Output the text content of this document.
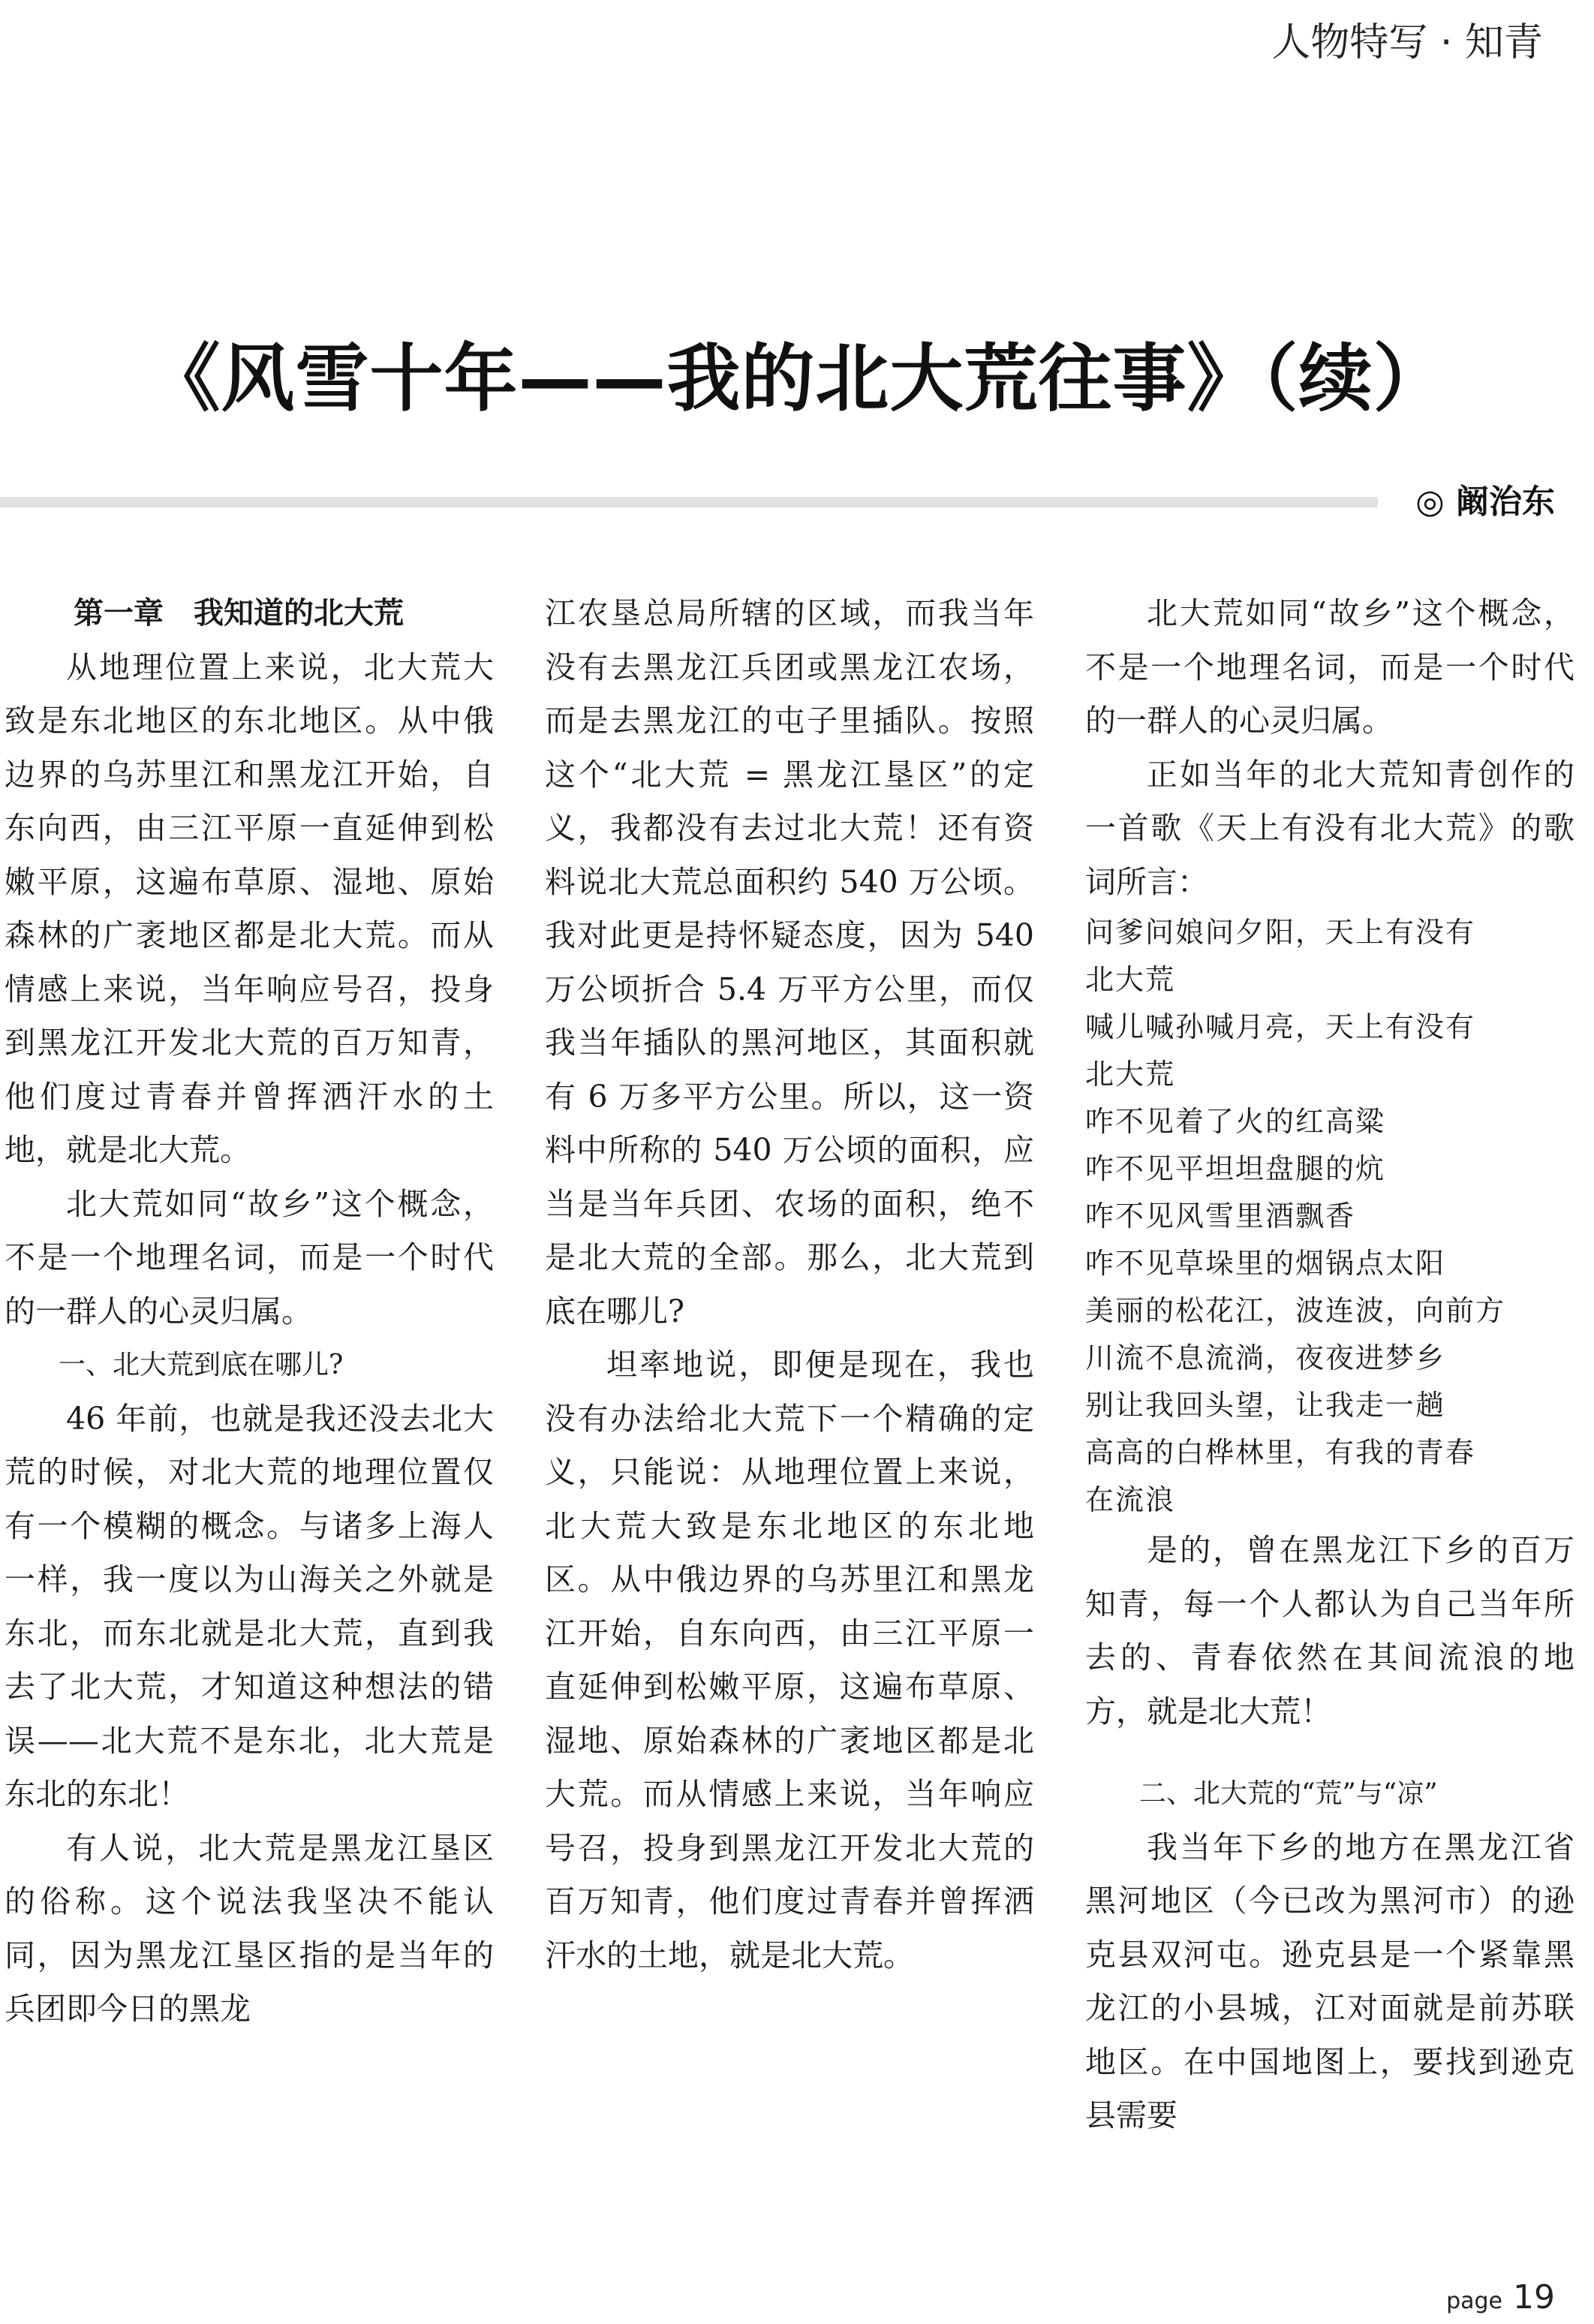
人物特写 · 知青
《风雪十年——我的北大荒往事》（续）
◎ 阚治东
第一章　我知道的北大荒

从地理位置上来说，北大荒大致是东北地区的东北地区。从中俄边界的乌苏里江和黑龙江开始，自东向西，由三江平原一直延伸到松嫩平原，这遍布草原、湿地、原始森林的广袤地区都是北大荒。而从情感上来说，当年响应号召，投身到黑龙江开发北大荒的百万知青，他们度过青春并曾挥洒汗水的土地，就是北大荒。

北大荒如同“故乡”这个概念，不是一个地理名词，而是一个时代的一群人的心灵归属。

一、北大荒到底在哪儿?

46 年前，也就是我还没去北大荒的时候，对北大荒的地理位置仅有一个模糊的概念。与诸多上海人一样，我一度以为山海关之外就是东北，而东北就是北大荒，直到我去了北大荒，才知道这种想法的错误——北大荒不是东北，北大荒是东北的东北！

有人说，北大荒是黑龙江垦区的俗称。这个说法我坚决不能认同，因为黑龙江垦区指的是当年的兵团即今日的黑龙

江农垦总局所辖的区域，而我当年没有去黑龙江兵团或黑龙江农场，而是去黑龙江的屯子里插队。按照这个“北大荒 = 黑龙江垦区”的定义，我都没有去过北大荒！还有资料说北大荒总面积约 540 万公顷。我对此更是持怀疑态度，因为 540 万公顷折合 5.4 万平方公里，而仅我当年插队的黑河地区，其面积就有 6 万多平方公里。所以，这一资料中所称的 540 万公顷的面积，应当是当年兵团、农场的面积，绝不是北大荒的全部。那么，北大荒到底在哪儿?

坦率地说，即便是现在，我也没有办法给北大荒下一个精确的定义，只能说：从地理位置上来说，北大荒大致是东北地区的东北地区。从中俄边界的乌苏里江和黑龙江开始，自东向西，由三江平原一直延伸到松嫩平原，这遍布草原、湿地、原始森林的广袤地区都是北大荒。而从情感上来说，当年响应号召，投身到黑龙江开发北大荒的百万知青，他们度过青春并曾挥洒汗水的土地，就是北大荒。

北大荒如同“故乡”这个概念，不是一个地理名词，而是一个时代的一群人的心灵归属。

正如当年的北大荒知青创作的一首歌《天上有没有北大荒》的歌词所言：

问爹问娘问夕阳，天上有没有
北大荒
喊儿喊孙喊月亮，天上有没有
北大荒
咋不见着了火的红高粱
咋不见平坦坦盘腿的炕
咋不见风雪里酒飘香
咋不见草垛里的烟锅点太阳
美丽的松花江，波连波，向前方
川流不息流淌，夜夜进梦乡
别让我回头望，让我走一趟
高高的白桦林里，有我的青春
在流浪

是的，曾在黑龙江下乡的百万知青，每一个人都认为自己当年所去的、青春依然在其间流浪的地方，就是北大荒！

二、北大荒的“荒”与“凉”

我当年下乡的地方在黑龙江省黑河地区（今已改为黑河市）的逊克县双河屯。逊克县是一个紧靠黑龙江的小县城，江对面就是前苏联地区。在中国地图上，要找到逊克县需要

page 19
